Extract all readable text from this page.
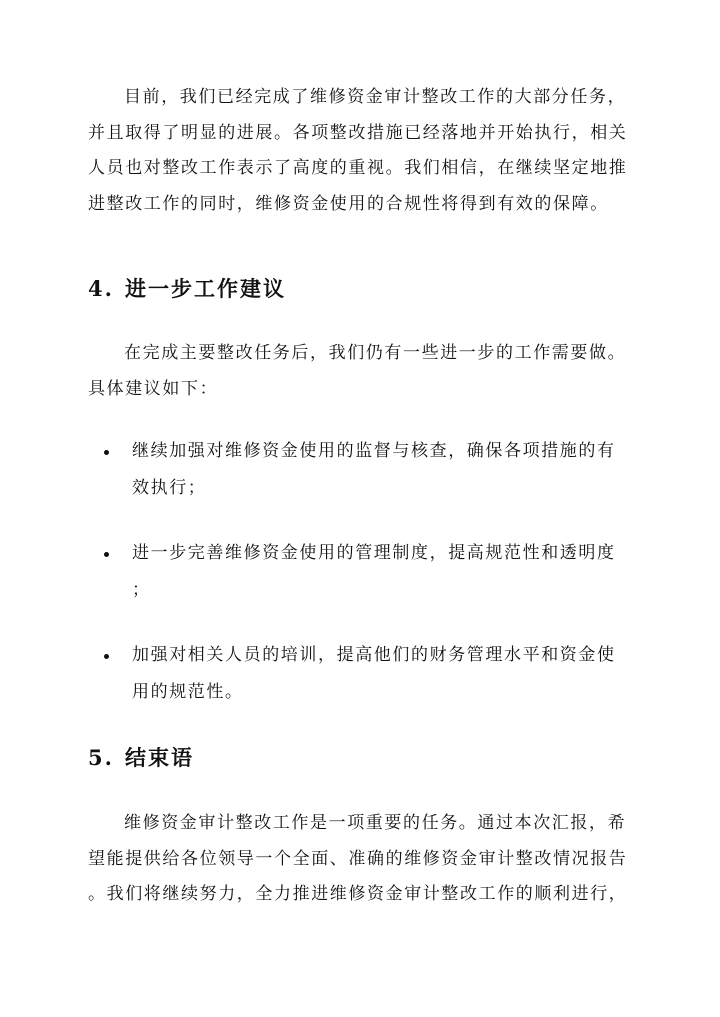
目前，我们已经完成了维修资金审计整改工作的大部分任务，
并且取得了明显的进展。各项整改措施已经落地并开始执行，相关
人员也对整改工作表示了高度的重视。我们相信，在继续坚定地推
进整改工作的同时，维修资金使用的合规性将得到有效的保障。
4. 进一步工作建议
在完成主要整改任务后，我们仍有一些进一步的工作需要做。
具体建议如下：
继续加强对维修资金使用的监督与核查，确保各项措施的有
效执行；
进一步完善维修资金使用的管理制度，提高规范性和透明度
；
加强对相关人员的培训，提高他们的财务管理水平和资金使
用的规范性。
5. 结束语
维修资金审计整改工作是一项重要的任务。通过本次汇报，希
望能提供给各位领导一个全面、准确的维修资金审计整改情况报告
。我们将继续努力，全力推进维修资金审计整改工作的顺利进行，
